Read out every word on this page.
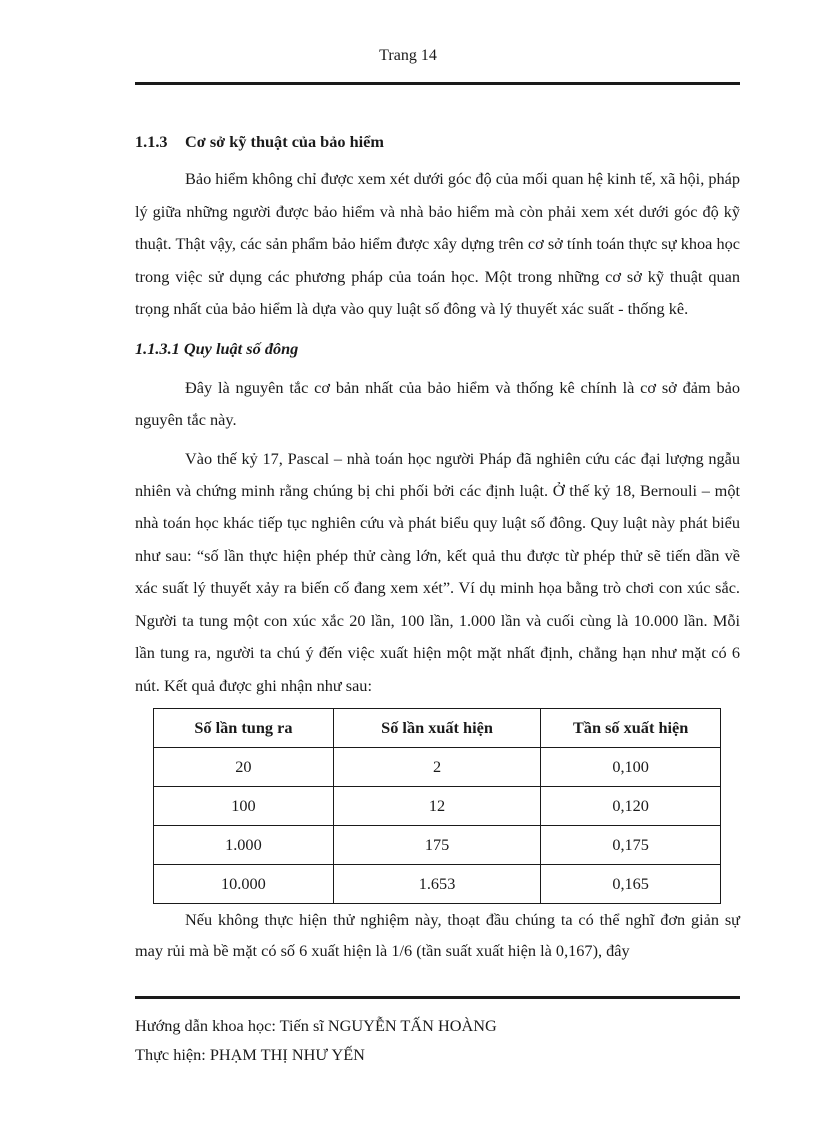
Trang 14
1.1.3 Cơ sở kỹ thuật của bảo hiểm

Bảo hiểm không chỉ được xem xét dưới góc độ của mối quan hệ kinh tế, xã hội, pháp lý giữa những người được bảo hiểm và nhà bảo hiểm mà còn phải xem xét dưới góc độ kỹ thuật. Thật vậy, các sản phẩm bảo hiểm được xây dựng trên cơ sở tính toán thực sự khoa học trong việc sử dụng các phương pháp của toán học. Một trong những cơ sở kỹ thuật quan trọng nhất của bảo hiểm là dựa vào quy luật số đông và lý thuyết xác suất - thống kê.

1.1.3.1 Quy luật số đông

Đây là nguyên tắc cơ bản nhất của bảo hiểm và thống kê chính là cơ sở đảm bảo nguyên tắc này.

Vào thế kỷ 17, Pascal – nhà toán học người Pháp đã nghiên cứu các đại lượng ngẫu nhiên và chứng minh rằng chúng bị chi phối bởi các định luật. Ở thế kỷ 18, Bernouli – một nhà toán học khác tiếp tục nghiên cứu và phát biểu quy luật số đông. Quy luật này phát biểu như sau: “số lần thực hiện phép thử càng lớn, kết quả thu được từ phép thử sẽ tiến dần về xác suất lý thuyết xảy ra biến cố đang xem xét”. Ví dụ minh họa bằng trò chơi con xúc sắc. Người ta tung một con xúc xắc 20 lần, 100 lần, 1.000 lần và cuối cùng là 10.000 lần. Mỗi lần tung ra, người ta chú ý đến việc xuất hiện một mặt nhất định, chẳng hạn như mặt có 6 nút. Kết quả được ghi nhận như sau:

Số lần tung ra	Số lần xuất hiện	Tần số xuất hiện
20	2	0,100
100	12	0,120
1.000	175	0,175
10.000	1.653	0,165

Nếu không thực hiện thử nghiệm này, thoạt đầu chúng ta có thể nghĩ đơn giản sự may rủi mà bề mặt có số 6 xuất hiện là 1/6 (tần suất xuất hiện là 0,167), đây

Hướng dẫn khoa học: Tiến sĩ NGUYỄN TẤN HOÀNG
Thực hiện: PHẠM THỊ NHƯ YẾN
